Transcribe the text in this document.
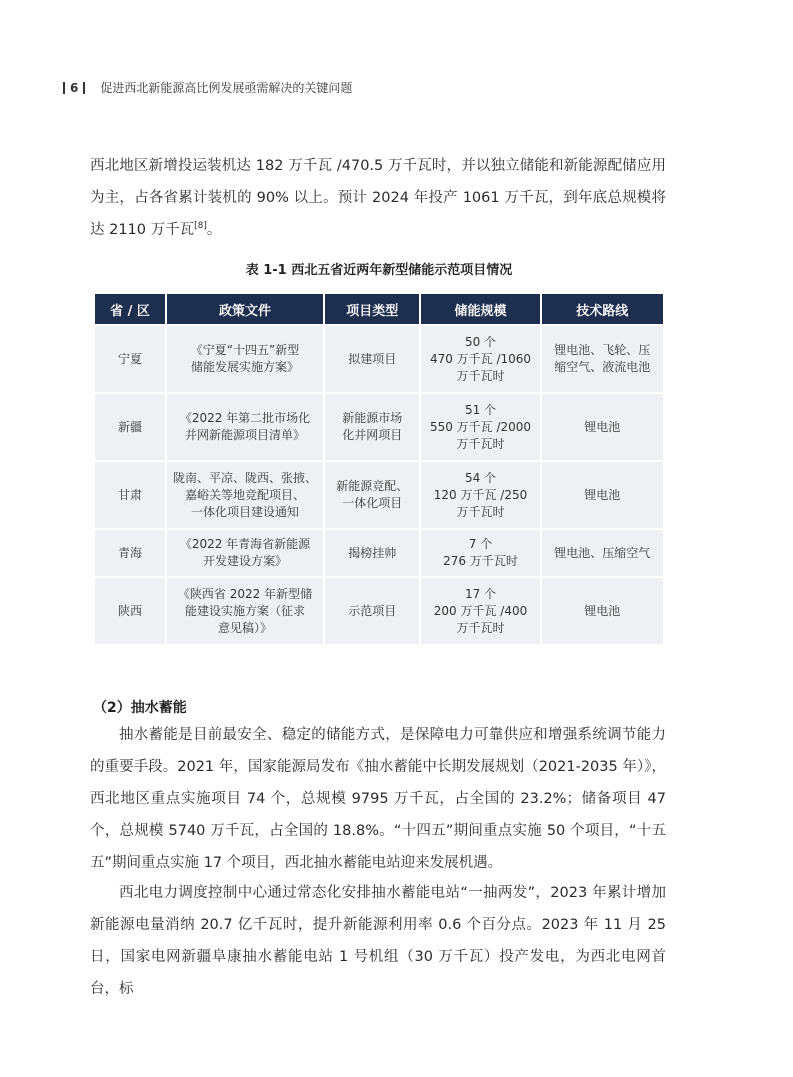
6 促进西北新能源高比例发展亟需解决的关键问题

西北地区新增投运装机达 182 万千瓦 /470.5 万千瓦时，并以独立储能和新能源配储应用为主，占各省累计装机的 90% 以上。预计 2024 年投产 1061 万千瓦，到年底总规模将达 2110 万千瓦[8]。

表 1-1 西北五省近两年新型储能示范项目情况
省 / 区	政策文件	项目类型	储能规模	技术路线
宁夏	《宁夏“十四五”新型
储能发展实施方案》	拟建项目	50 个
470 万千瓦 /1060
万千瓦时	锂电池、飞轮、压
缩空气、液流电池

新疆	《2022 年第二批市场化
并网新能源项目清单》	新能源市场
化并网项目	51 个
550 万千瓦 /2000
万千瓦时	锂电池

甘肃	陇南、平凉、陇西、张掖、
嘉峪关等地竞配项目、
一体化项目建设通知	新能源竞配、
一体化项目	54 个
120 万千瓦 /250
万千瓦时	锂电池

青海	《2022 年青海省新能源
开发建设方案》	揭榜挂帅	7 个
276 万千瓦时	锂电池、压缩空气

陕西	《陕西省 2022 年新型储
能建设实施方案（征求
意见稿）》	示范项目	17 个
200 万千瓦 /400
万千瓦时	锂电池
（2）抽水蓄能

抽水蓄能是目前最安全、稳定的储能方式，是保障电力可靠供应和增强系统调节能力的重要手段。2021 年，国家能源局发布《抽水蓄能中长期发展规划（2021-2035 年）》，西北地区重点实施项目 74 个，总规模 9795 万千瓦，占全国的 23.2%；储备项目 47 个，总规模 5740 万千瓦，占全国的 18.8%。“十四五”期间重点实施 50 个项目，“十五五”期间重点实施 17 个项目，西北抽水蓄能电站迎来发展机遇。

西北电力调度控制中心通过常态化安排抽水蓄能电站“一抽两发”，2023 年累计增加新能源电量消纳 20.7 亿千瓦时，提升新能源利用率 0.6 个百分点。2023 年 11 月 25 日，国家电网新疆阜康抽水蓄能电站 1 号机组（30 万千瓦）投产发电，为西北电网首台，标
